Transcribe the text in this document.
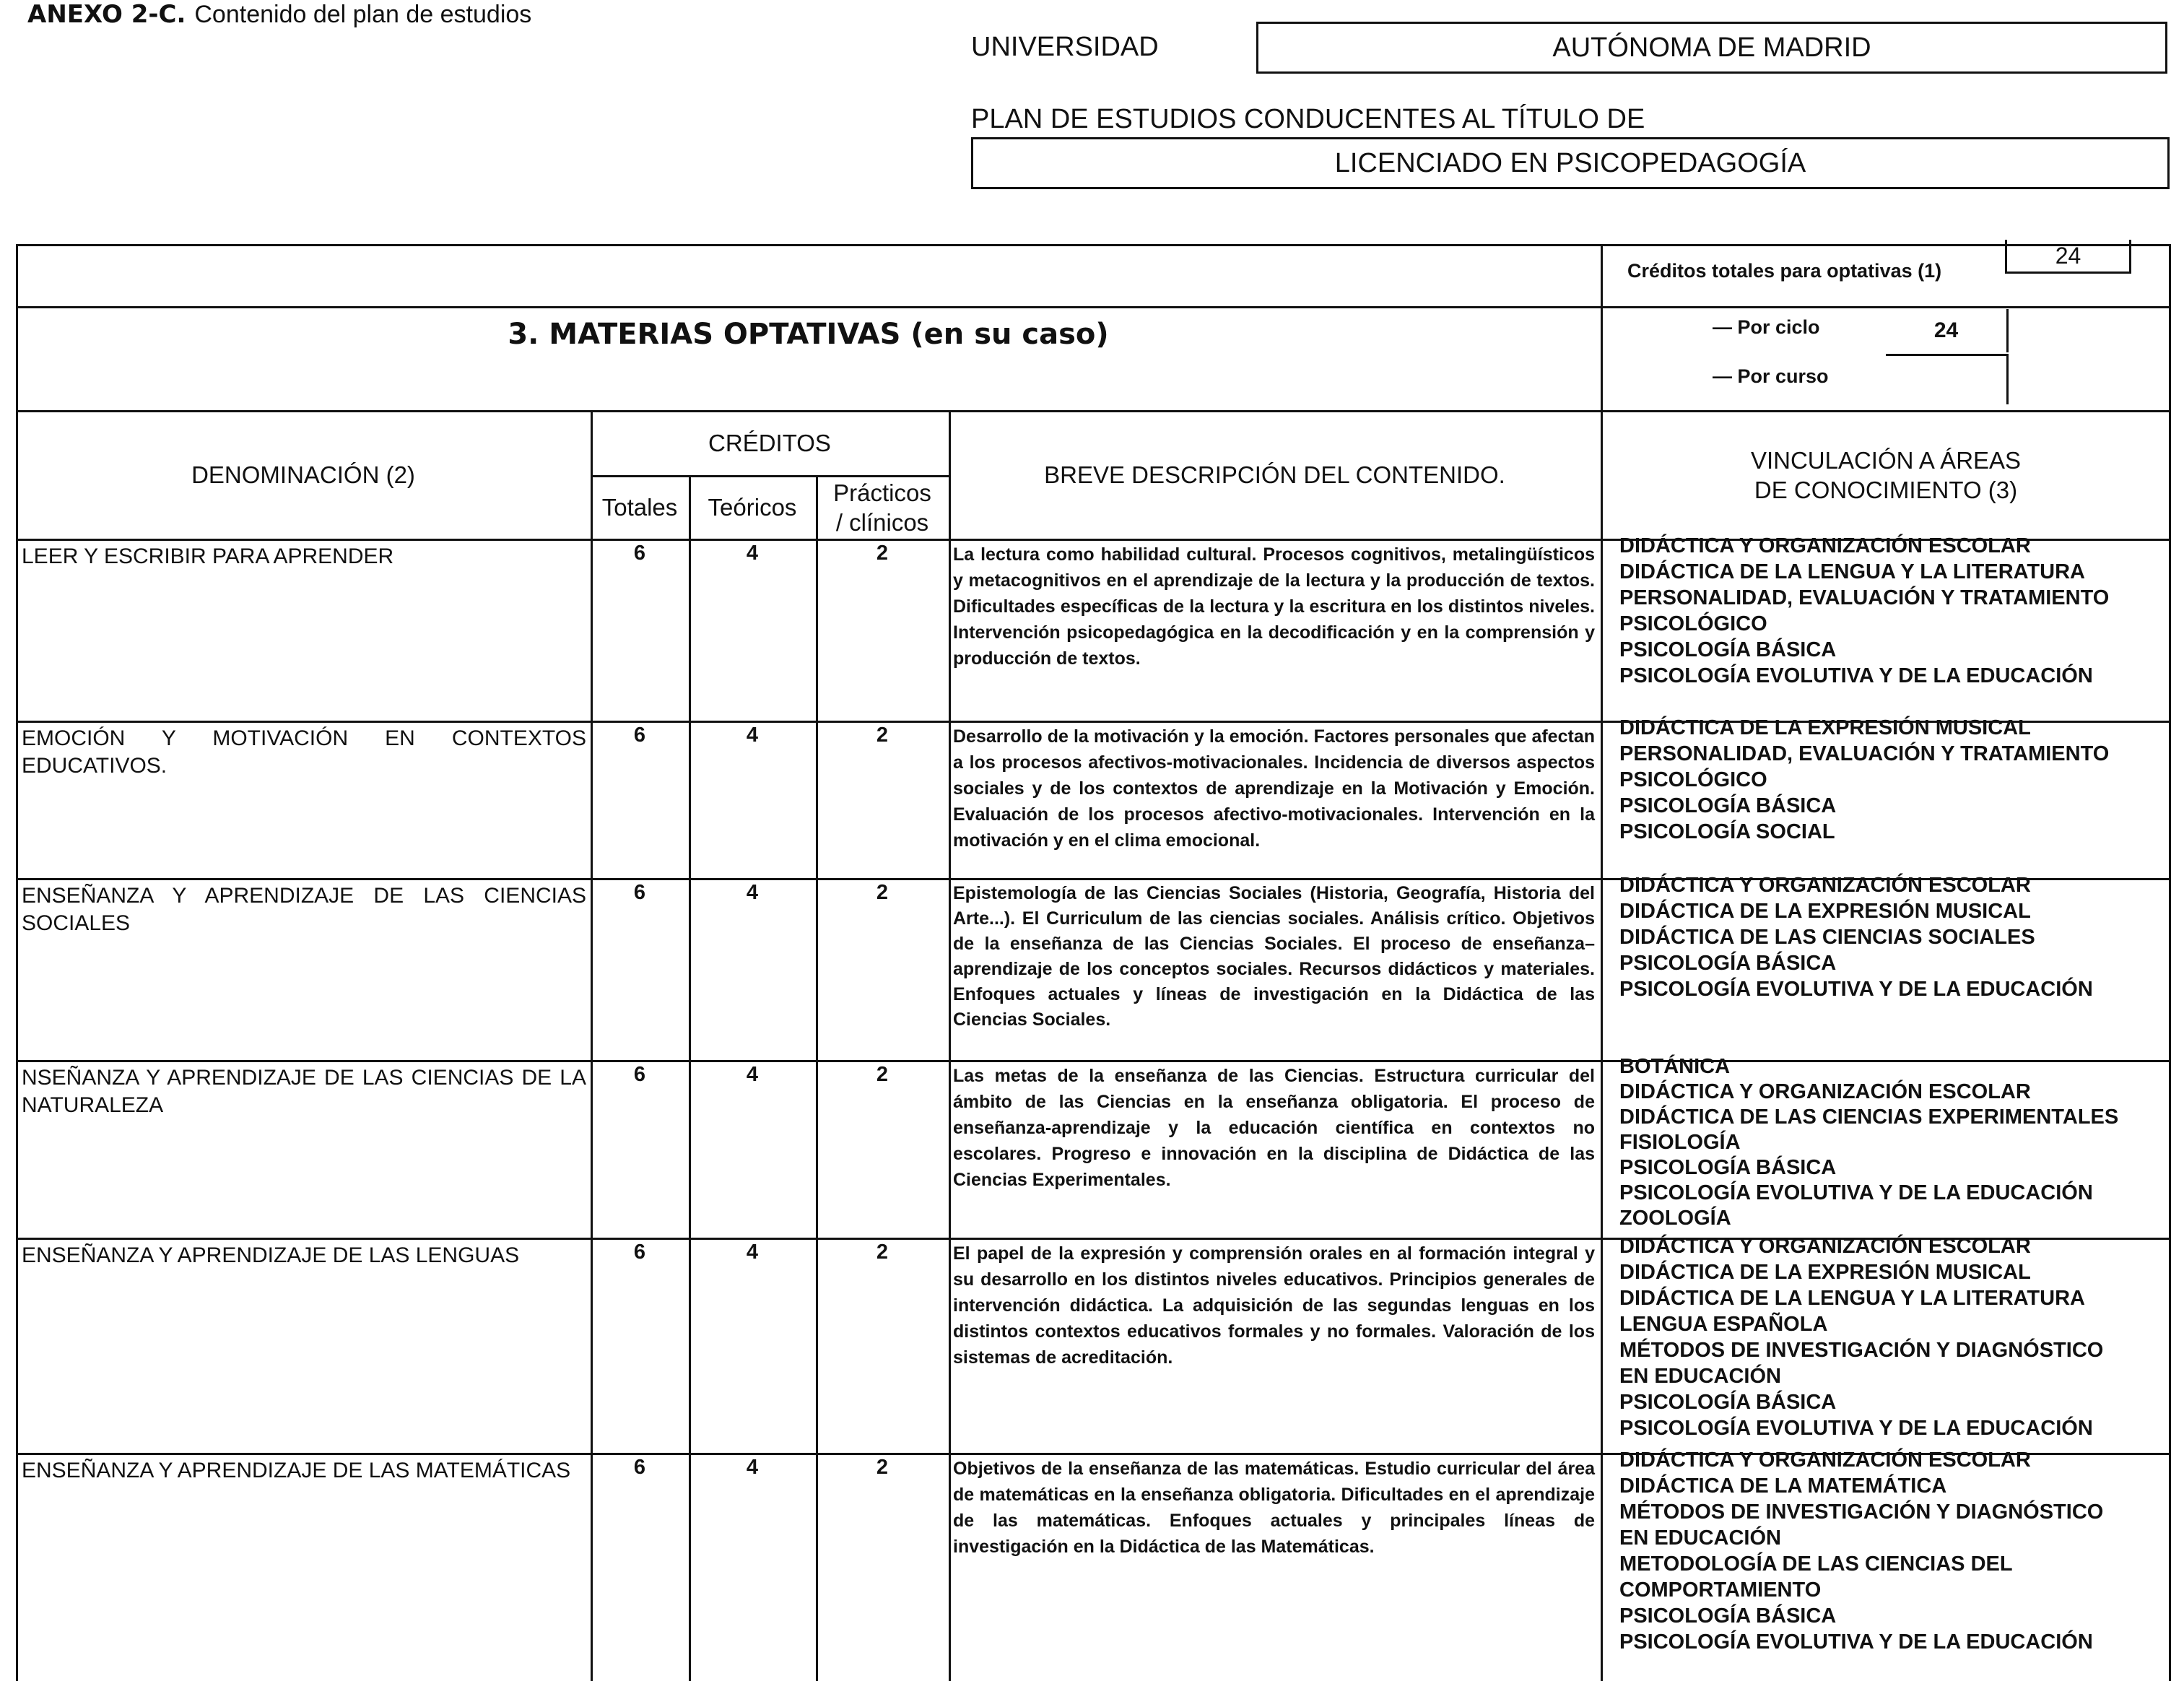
ANEXO 2-C. Contenido del plan de estudios
UNIVERSIDAD	AUTÓNOMA DE MADRID
PLAN DE ESTUDIOS CONDUCENTES AL TÍTULO DE
LICENCIADO EN PSICOPEDAGOGÍA
Créditos totales para optativas (1)
24
3. MATERIAS OPTATIVAS (en su caso)	— Por ciclo	24
— Por curso
DENOMINACIÓN (2)
CRÉDITOS
Totales	Teóricos
Prácticos
/ clínicos
BREVE DESCRIPCIÓN DEL CONTENIDO.
VINCULACIÓN A ÁREAS
DE CONOCIMIENTO (3)
LEER Y ESCRIBIR PARA APRENDER	6	4	2	La lectura como habilidad cultural. Procesos cognitivos, metalingüísticos y metacognitivos en el aprendizaje de la lectura y la producción de textos. Dificultades específicas de la lectura y la escritura en los distintos niveles. Intervención psicopedagógica en la decodificación y en la comprensión y producción de textos.
DIDÁCTICA Y ORGANIZACIÓN ESCOLAR
DIDÁCTICA DE LA LENGUA Y LA LITERATURA
PERSONALIDAD, EVALUACIÓN Y TRATAMIENTO
PSICOLÓGICO
PSICOLOGÍA BÁSICA
PSICOLOGÍA EVOLUTIVA Y DE LA EDUCACIÓN
EMOCIÓN Y MOTIVACIÓN EN CONTEXTOS EDUCATIVOS.
6	4	2	Desarrollo de la motivación y la emoción. Factores personales que afectan a los procesos afectivos-motivacionales. Incidencia de diversos aspectos sociales y de los contextos de aprendizaje en la Motivación y Emoción. Evaluación de los procesos afectivo-motivacionales. Intervención en la motivación y en el clima emocional.
DIDÁCTICA DE LA EXPRESIÓN MUSICAL
PERSONALIDAD, EVALUACIÓN Y TRATAMIENTO
PSICOLÓGICO
PSICOLOGÍA BÁSICA
PSICOLOGÍA SOCIAL
ENSEÑANZA Y APRENDIZAJE DE LAS CIENCIAS SOCIALES
6	4	2	Epistemología de las Ciencias Sociales (Historia, Geografía, Historia del Arte...). El Curriculum de las ciencias sociales. Análisis crítico. Objetivos de la enseñanza de las Ciencias Sociales. El proceso de enseñanza–aprendizaje de los conceptos sociales. Recursos didácticos y materiales. Enfoques actuales y líneas de investigación en la Didáctica de las Ciencias Sociales.
DIDÁCTICA Y ORGANIZACIÓN ESCOLAR
DIDÁCTICA DE LA EXPRESIÓN MUSICAL
DIDÁCTICA DE LAS CIENCIAS SOCIALES
PSICOLOGÍA BÁSICA
PSICOLOGÍA EVOLUTIVA Y DE LA EDUCACIÓN
NSEÑANZA Y APRENDIZAJE DE LAS CIENCIAS DE LA NATURALEZA
6	4	2	Las metas de la enseñanza de las Ciencias. Estructura curricular del ámbito de las Ciencias en la enseñanza obligatoria. El proceso de enseñanza-aprendizaje y la educación científica en contextos no escolares. Progreso e innovación en la disciplina de Didáctica de las Ciencias Experimentales.
BOTÁNICA
DIDÁCTICA Y ORGANIZACIÓN ESCOLAR
DIDÁCTICA DE LAS CIENCIAS EXPERIMENTALES
FISIOLOGÍA
PSICOLOGÍA BÁSICA
PSICOLOGÍA EVOLUTIVA Y DE LA EDUCACIÓN
ZOOLOGÍA
ENSEÑANZA Y APRENDIZAJE DE LAS LENGUAS	6	4	2	El papel de la expresión y comprensión orales en al formación integral y su desarrollo en los distintos niveles educativos. Principios generales de intervención didáctica. La adquisición de las segundas lenguas en los distintos contextos educativos formales y no formales. Valoración de los sistemas de acreditación.
DIDÁCTICA Y ORGANIZACIÓN ESCOLAR
DIDÁCTICA DE LA EXPRESIÓN MUSICAL
DIDÁCTICA DE LA LENGUA Y LA LITERATURA
LENGUA ESPAÑOLA
MÉTODOS DE INVESTIGACIÓN Y DIAGNÓSTICO
EN EDUCACIÓN
PSICOLOGÍA BÁSICA
PSICOLOGÍA EVOLUTIVA Y DE LA EDUCACIÓN
ENSEÑANZA Y APRENDIZAJE DE LAS MATEMÁTICAS	6	4	2	Objetivos de la enseñanza de las matemáticas. Estudio curricular del área de matemáticas en la enseñanza obligatoria. Dificultades en el aprendizaje de las matemáticas. Enfoques actuales y principales líneas de investigación en la Didáctica de las Matemáticas.
DIDÁCTICA Y ORGANIZACIÓN ESCOLAR
DIDÁCTICA DE LA MATEMÁTICA
MÉTODOS DE INVESTIGACIÓN Y DIAGNÓSTICO
EN EDUCACIÓN
METODOLOGÍA DE LAS CIENCIAS DEL
COMPORTAMIENTO
PSICOLOGÍA BÁSICA
PSICOLOGÍA EVOLUTIVA Y DE LA EDUCACIÓN
